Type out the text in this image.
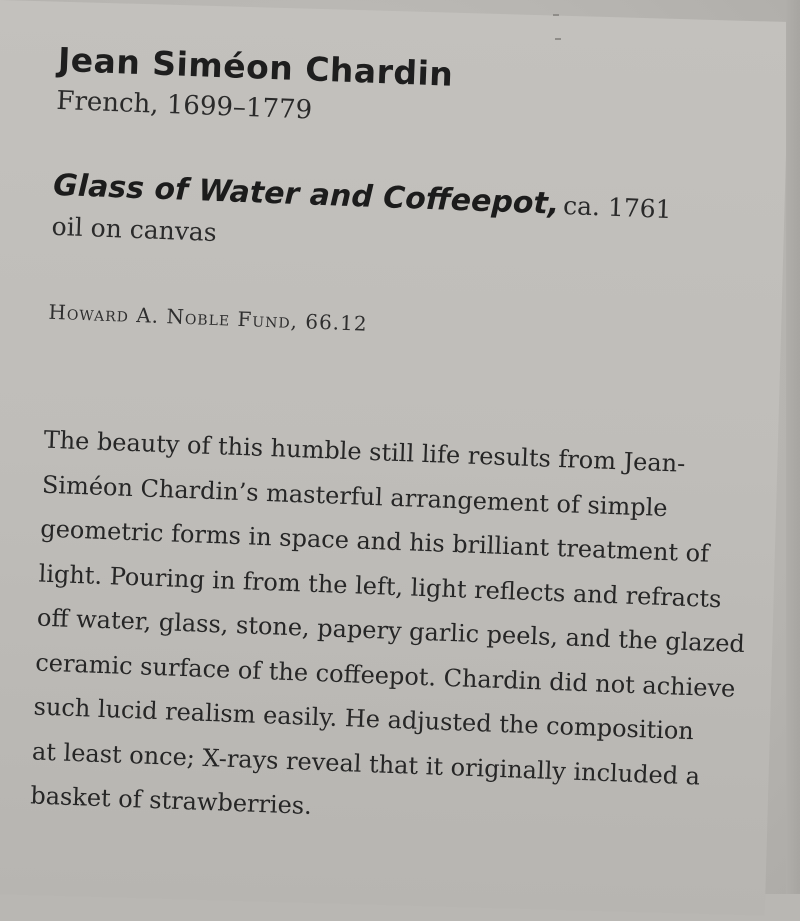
Jean Siméon Chardin

French, 1699–1779

Glass of Water and Coffeepot, ca. 1761

oil on canvas

Howard A. Noble Fund, 66.12

The beauty of this humble still life results from Jean-
Siméon Chardin’s masterful arrangement of simple
geometric forms in space and his brilliant treatment of
light. Pouring in from the left, light reflects and refracts
off water, glass, stone, papery garlic peels, and the glazed
ceramic surface of the coffeepot. Chardin did not achieve
such lucid realism easily. He adjusted the composition
at least once; X-rays reveal that it originally included a
basket of strawberries.
